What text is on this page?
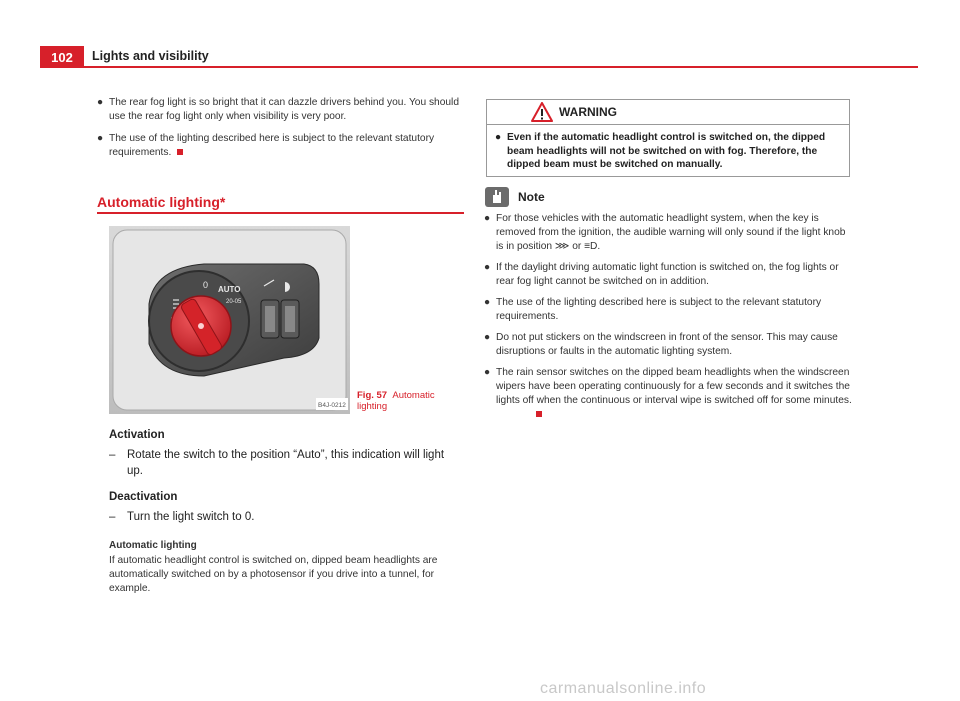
102	Lights and visibility
● The rear fog light is so bright that it can dazzle drivers behind you. You should use the rear fog light only when visibility is very poor.
● The use of the lighting described here is subject to the relevant statutory requirements.
Automatic lighting*
0 AUTO
20-05
B4J-0212
Fig. 57 Automatic lighting
Activation
–	Rotate the switch to the position “Auto”, this indication will light up.
Deactivation
–	Turn the light switch to 0.
Automatic lighting
If automatic headlight control is switched on, dipped beam headlights are automatically switched on by a photosensor if you drive into a tunnel, for example.
WARNING
● Even if the automatic headlight control is switched on, the dipped beam headlights will not be switched on with fog. Therefore, the dipped beam must be switched on manually.
Note
● For those vehicles with the automatic headlight system, when the key is removed from the ignition, the audible warning will only sound if the light knob is in position ⋙ or ≡D.
● If the daylight driving automatic light function is switched on, the fog lights or rear fog light cannot be switched on in addition.
● The use of the lighting described here is subject to the relevant statutory requirements.
● Do not put stickers on the windscreen in front of the sensor. This may cause disruptions or faults in the automatic lighting system.
● The rain sensor switches on the dipped beam headlights when the windscreen wipers have been operating continuously for a few seconds and it switches the lights off when the continuous or interval wipe is switched off for some minutes.
carmanualsonline.info
